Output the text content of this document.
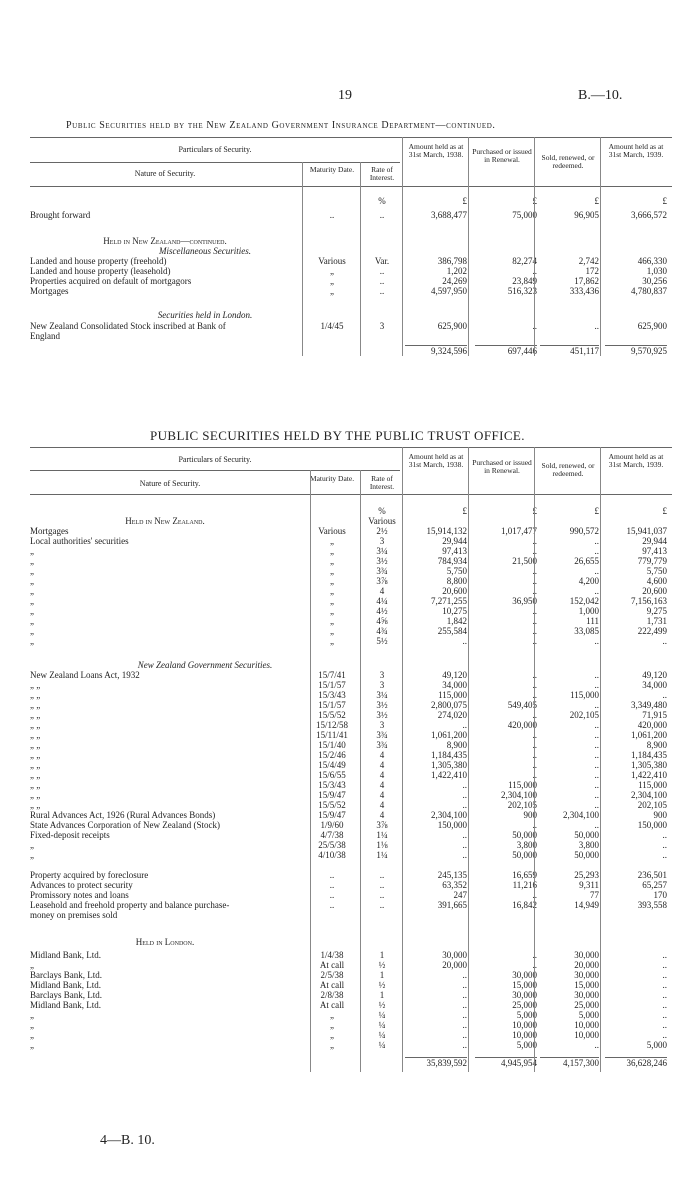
19	B.—10.
Public Securities held by the New Zealand Government Insurance Department—continued.
Particulars of Security.
Nature of Security.	Maturity Date.	Rate of Interest.
Amount held as at 31st March, 1938.	Purchased or issued in Renewal.	Sold, renewed, or redeemed.
Amount held as at 31st March, 1939.
%	£	£	£	£
Brought forward	..	..	3,688,477	75,000	96,905	3,666,572
Held in New Zealand—continued.
Miscellaneous Securities.
Landed and house property (freehold)	Various	Var.	386,798	82,274	2,742	466,330
Landed and house property (leasehold)	„	..	1,202	..	172	1,030
Properties acquired on default of mortgagors	„	..	24,269	23,849	17,862	30,256
Mortgages	„	..	4,597,950	516,323	333,436	4,780,837
Securities held in London.
New Zealand Consolidated Stock inscribed at Bank of	1/4/45	3	625,900	..	..	625,900
England
9,324,596	697,446	451,117	9,570,925
PUBLIC SECURITIES HELD BY THE PUBLIC TRUST OFFICE.
Particulars of Security.
Nature of Security.
Maturity Date.	Rate of Interest.
Amount held as at 31st March, 1938.	Purchased or issued in Renewal.
Sold, renewed, or redeemed.
Amount held as at 31st March, 1939.
%	£	£	£	£
Held in New Zealand.	Various
Mortgages	Various	2½	15,914,132	1,017,477	990,572	15,941,037
Local authorities' securities	„	3	29,944	..	..	29,944
„	„	3¼	97,413	..	..	97,413
„	„	3½	784,934	21,500	26,655	779,779
„	„	3¾	5,750	..	..	5,750
„	„	3⅞	8,800	..	4,200	4,600
„	„	4	20,600	..	..	20,600
„	„	4¼	7,271,255	36,950	152,042	7,156,163
„	„	4½	10,275	..	1,000	9,275
„	„	4⅝	1,842	..	111	1,731
„	„	4¾	255,584	..	33,085	222,499
„	„	5½	..	..	..	..
New Zealand Government Securities.
New Zealand Loans Act, 1932	15/7/41	3	49,120	..	..	49,120
„ „	15/1/57	3	34,000	..	..	34,000
„ „	15/3/43	3¼	115,000	..	115,000	..
„ „	15/1/57	3½	2,800,075	549,405	..	3,349,480
„ „	15/5/52	3½	274,020	..	202,105	71,915
„ „	15/12/58	3	..	420,000	..	420,000
„ „	15/11/41	3¾	1,061,200	..	..	1,061,200
„ „	15/1/40	3¾	8,900	..	..	8,900
„ „	15/2/46	4	1,184,435	..	..	1,184,435
„ „	15/4/49	4	1,305,380	..	..	1,305,380
„ „	15/6/55	4	1,422,410	..	..	1,422,410
„ „	15/3/43	4	..	115,000	..	115,000
„ „	15/9/47	4	..	2,304,100	..	2,304,100
„ „	15/5/52	4	..	202,105	..	202,105
Rural Advances Act, 1926 (Rural Advances Bonds)	15/9/47	4	2,304,100	900	2,304,100	900
State Advances Corporation of New Zealand (Stock)	1/9/60	3⅞	150,000	..	..	150,000
Fixed-deposit receipts	4/7/38	1¼	..	50,000	50,000	..
„	25/5/38	1⅛	..	3,800	3,800	..
„	4/10/38	1¼	..	50,000	50,000	..
Property acquired by foreclosure	..	..	245,135	16,659	25,293	236,501
Advances to protect security	..	..	63,352	11,216	9,311	65,257
Promissory notes and loans	..	..	247	..	77	170
Leasehold and freehold property and balance purchase-	..	..	391,665	16,842	14,949	393,558
money on premises sold
Held in London.
Midland Bank, Ltd.	1/4/38	1	30,000	..	30,000	..
„	At call	½	20,000	..	20,000	..
Barclays Bank, Ltd.	2/5/38	1	..	30,000	30,000	..
Midland Bank, Ltd.	At call	½	..	15,000	15,000	..
Barclays Bank, Ltd.	2/8/38	1	..	30,000	30,000	..
Midland Bank, Ltd.	At call	½	..	25,000	25,000	..
„	„	¼	..	5,000	5,000	..
„	„	¼	..	10,000	10,000	..
„	„	¼	..	10,000	10,000	..
„	„	¼	..	5,000	..	5,000
35,839,592	4,945,954	4,157,300	36,628,246
4—B. 10.
